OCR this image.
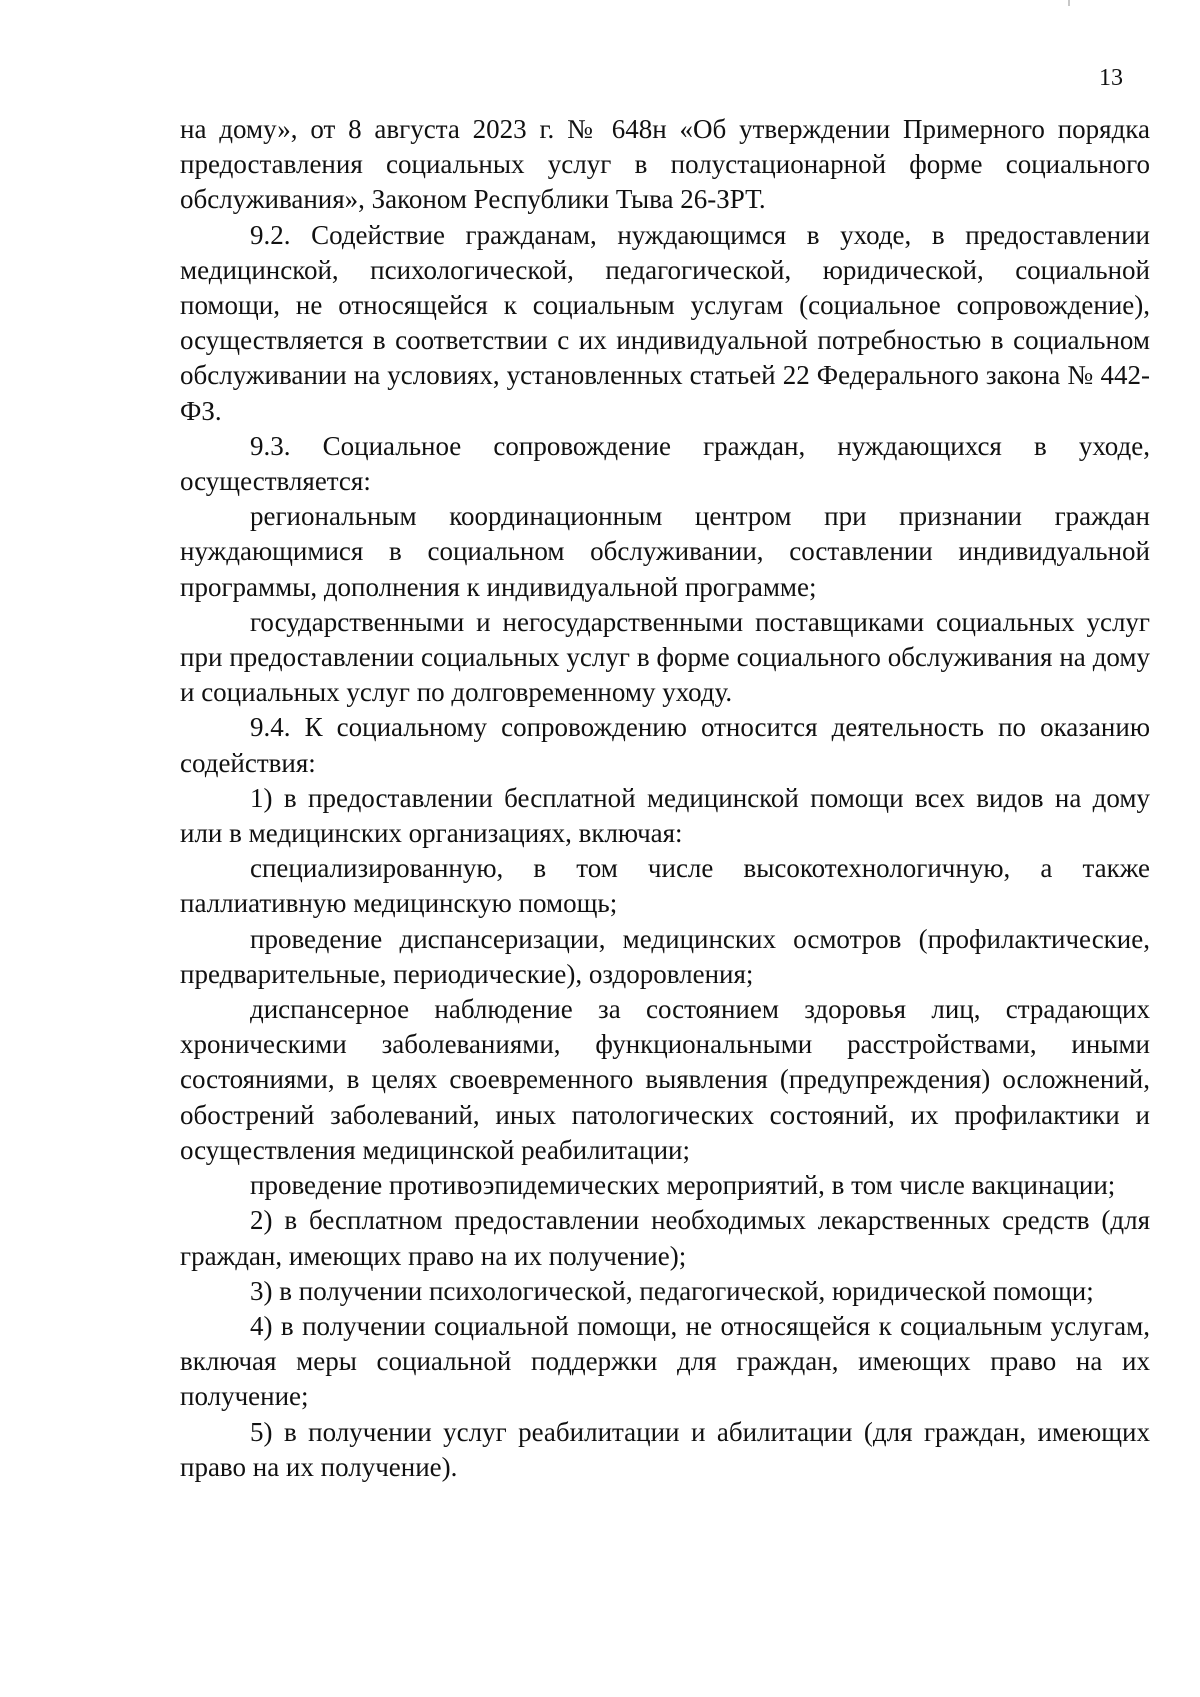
13

на дому», от 8 августа 2023 г. № 648н «Об утверждении Примерного порядка предоставления социальных услуг в полустационарной форме социального обслуживания», Законом Республики Тыва 26-ЗРТ.

9.2. Содействие гражданам, нуждающимся в уходе, в предоставлении медицинской, психологической, педагогической, юридической, социальной помощи, не относящейся к социальным услугам (социальное сопровождение), осуществляется в соответствии с их индивидуальной потребностью в социальном обслуживании на условиях, установленных статьей 22 Федерального закона № 442-ФЗ.

9.3. Социальное сопровождение граждан, нуждающихся в уходе, осуществляется:

региональным координационным центром при признании граждан нуждающимися в социальном обслуживании, составлении индивидуальной программы, дополнения к индивидуальной программе;

государственными и негосударственными поставщиками социальных услуг при предоставлении социальных услуг в форме социального обслуживания на дому и социальных услуг по долговременному уходу.

9.4. К социальному сопровождению относится деятельность по оказанию содействия:

1) в предоставлении бесплатной медицинской помощи всех видов на дому или в медицинских организациях, включая:

специализированную, в том числе высокотехнологичную, а также паллиативную медицинскую помощь;

проведение диспансеризации, медицинских осмотров (профилактические, предварительные, периодические), оздоровления;

диспансерное наблюдение за состоянием здоровья лиц, страдающих хроническими заболеваниями, функциональными расстройствами, иными состояниями, в целях своевременного выявления (предупреждения) осложнений, обострений заболеваний, иных патологических состояний, их профилактики и осуществления медицинской реабилитации;

проведение противоэпидемических мероприятий, в том числе вакцинации;

2) в бесплатном предоставлении необходимых лекарственных средств (для граждан, имеющих право на их получение);

3) в получении психологической, педагогической, юридической помощи;

4) в получении социальной помощи, не относящейся к социальным услугам, включая меры социальной поддержки для граждан, имеющих право на их получение;

5) в получении услуг реабилитации и абилитации (для граждан, имеющих право на их получение).
